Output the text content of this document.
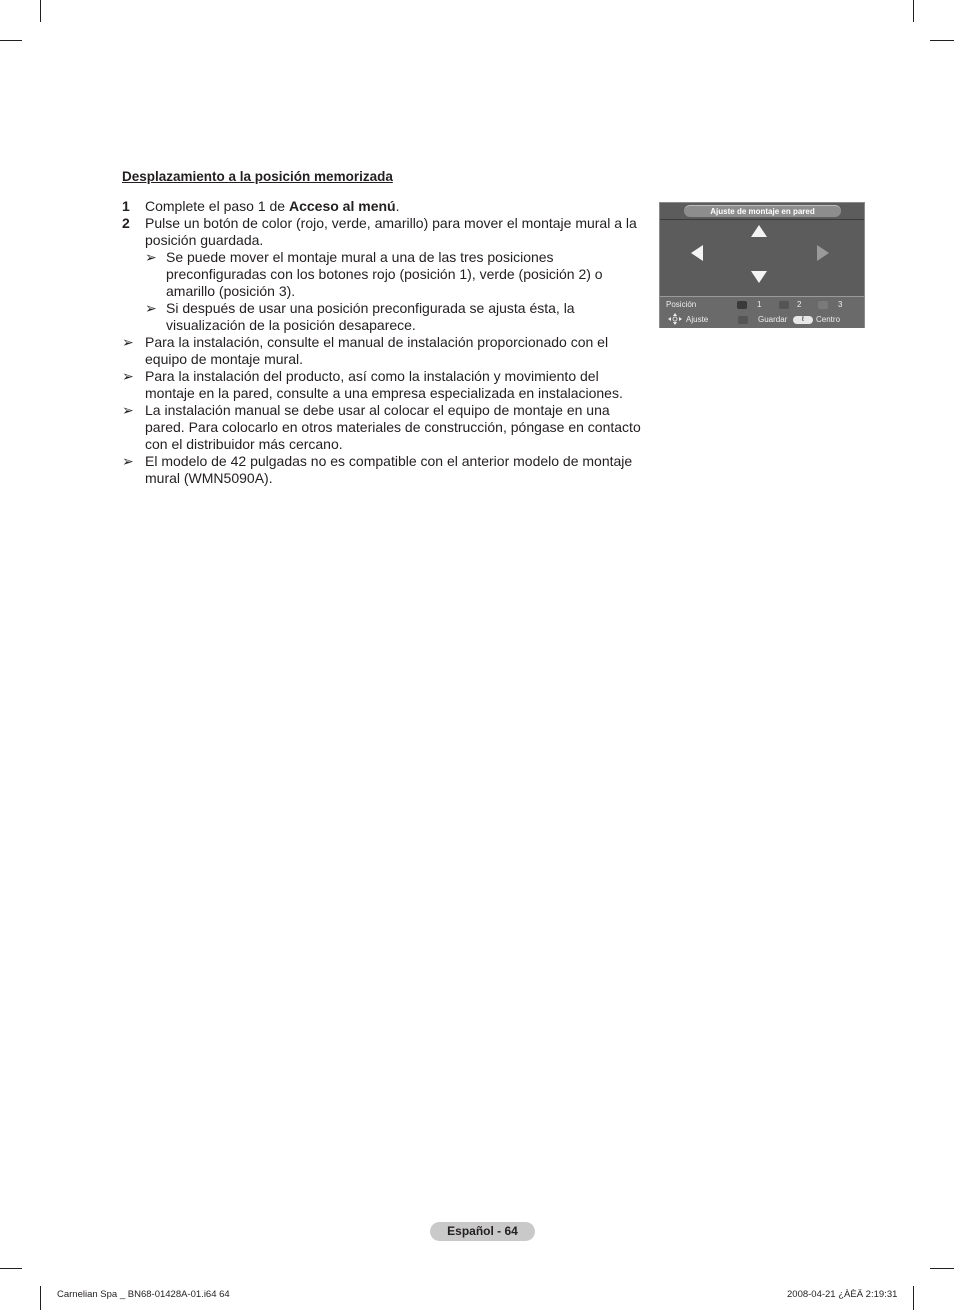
Desplazamiento a la posición memorizada
1 Complete el paso 1 de Acceso al menú.
2 Pulse un botón de color (rojo, verde, amarillo) para mover el montaje mural a la posición guardada.
➢ Se puede mover el montaje mural a una de las tres posiciones preconfiguradas con los botones rojo (posición 1), verde (posición 2) o amarillo (posición 3).
➢ Si después de usar una posición preconfigurada se ajusta ésta, la visualización de la posición desaparece.
➢ Para la instalación, consulte el manual de instalación proporcionado con el equipo de montaje mural.
➢ Para la instalación del producto, así como la instalación y movimiento del montaje en la pared, consulte a una empresa especializada en instalaciones.
➢ La instalación manual se debe usar al colocar el equipo de montaje en una pared. Para colocarlo en otros materiales de construcción, póngase en contacto con el distribuidor más cercano.
➢ El modelo de 42 pulgadas no es compatible con el anterior modelo de montaje mural (WMN5090A).
Ajuste de montaje en pared
Posición	1	2	3
Ajuste	Guardar	ℓ	Centro
Español - 64
Carnelian Spa _ BN68-01428A-01.i64 64	2008-04-21 ¿ÀÈÄ 2:19:31
